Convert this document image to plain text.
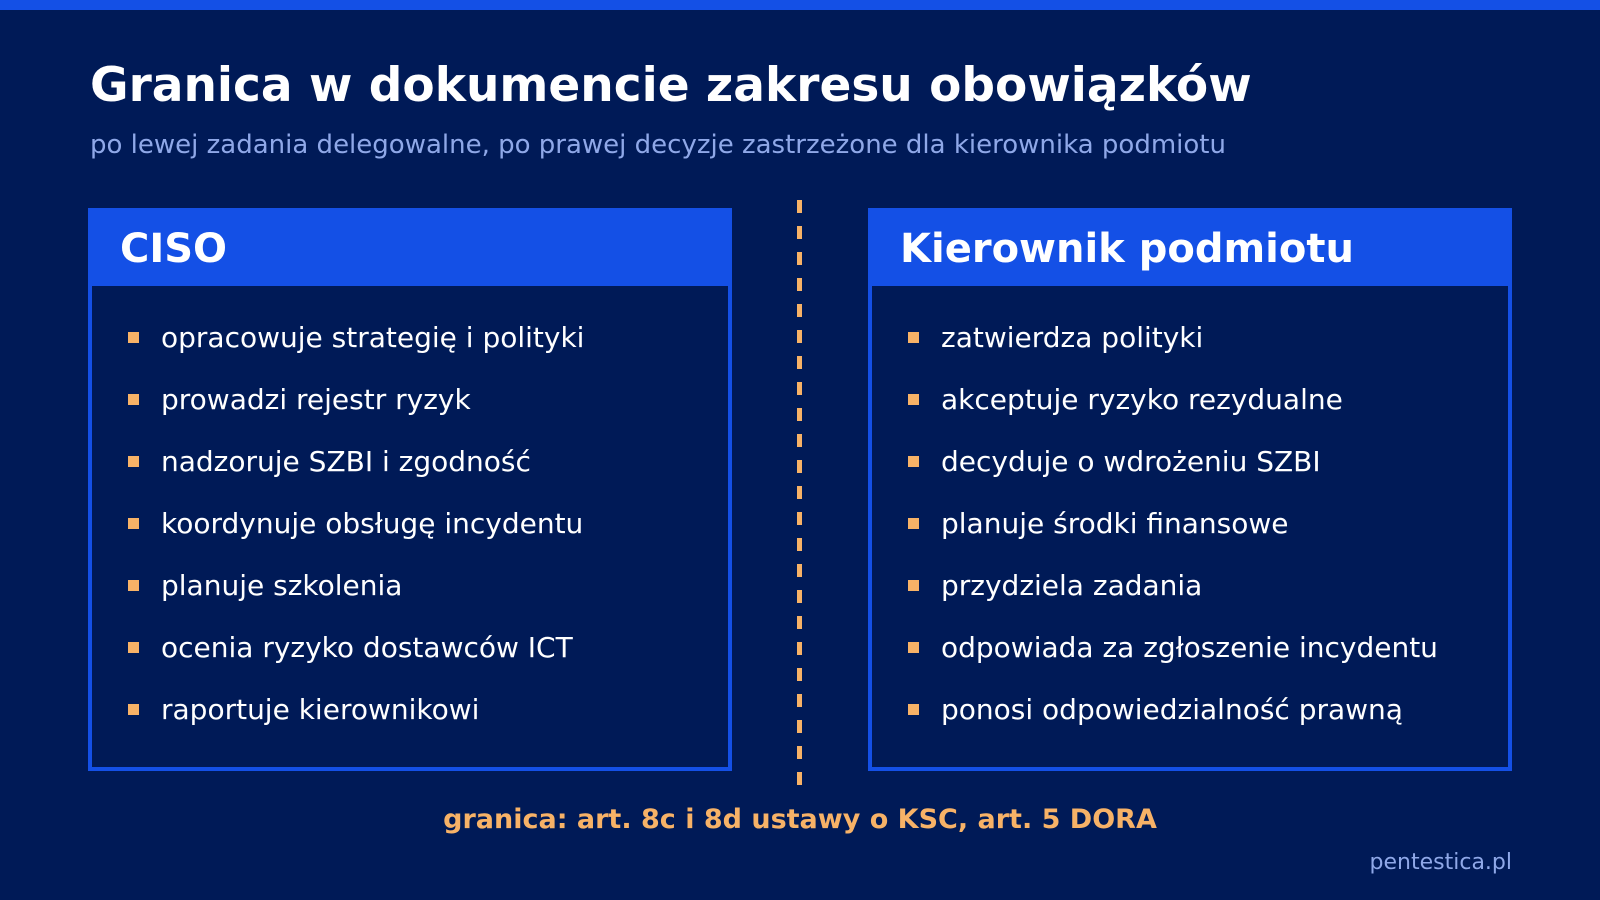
Granica w dokumencie zakresu obowiązków
po lewej zadania delegowalne, po prawej decyzje zastrzeżone dla kierownika podmiotu
CISO
opracowuje strategię i polityki
prowadzi rejestr ryzyk
nadzoruje SZBI i zgodność
koordynuje obsługę incydentu
planuje szkolenia
ocenia ryzyko dostawców ICT
raportuje kierownikowi
Kierownik podmiotu
zatwierdza polityki
akceptuje ryzyko rezydualne
decyduje o wdrożeniu SZBI
planuje środki finansowe
przydziela zadania
odpowiada za zgłoszenie incydentu
ponosi odpowiedzialność prawną
granica: art. 8c i 8d ustawy o KSC, art. 5 DORA
pentestica.pl
